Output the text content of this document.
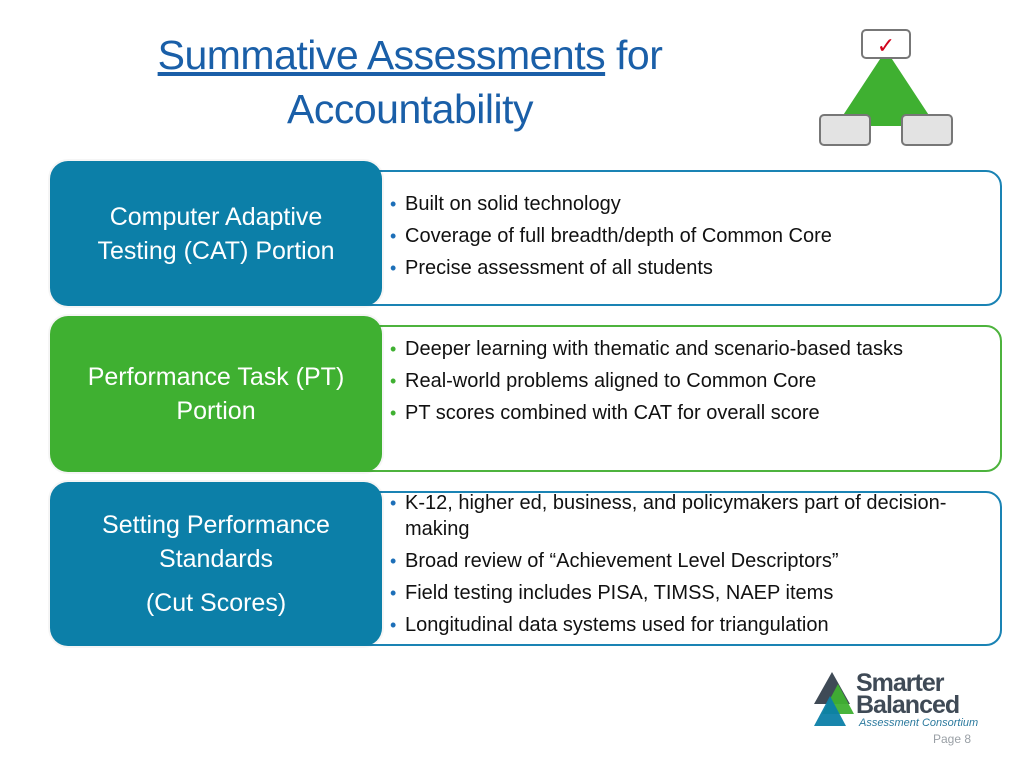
Summative Assessments for
Accountability
✓
Computer Adaptive
Testing (CAT) Portion
• Built on solid technology
• Coverage of full breadth/depth of Common Core
• Precise assessment of all students
Performance Task (PT)
Portion
• Deeper learning with thematic and scenario-based tasks
• Real-world problems aligned to Common Core
• PT scores combined with CAT for overall score
Setting Performance
Standards
(Cut Scores)
• K-12, higher ed, business, and policymakers part of decision-making
• Broad review of “Achievement Level Descriptors”
• Field testing includes PISA, TIMSS, NAEP items
• Longitudinal data systems used for triangulation
Smarter
Balanced
Assessment Consortium
Page 8
